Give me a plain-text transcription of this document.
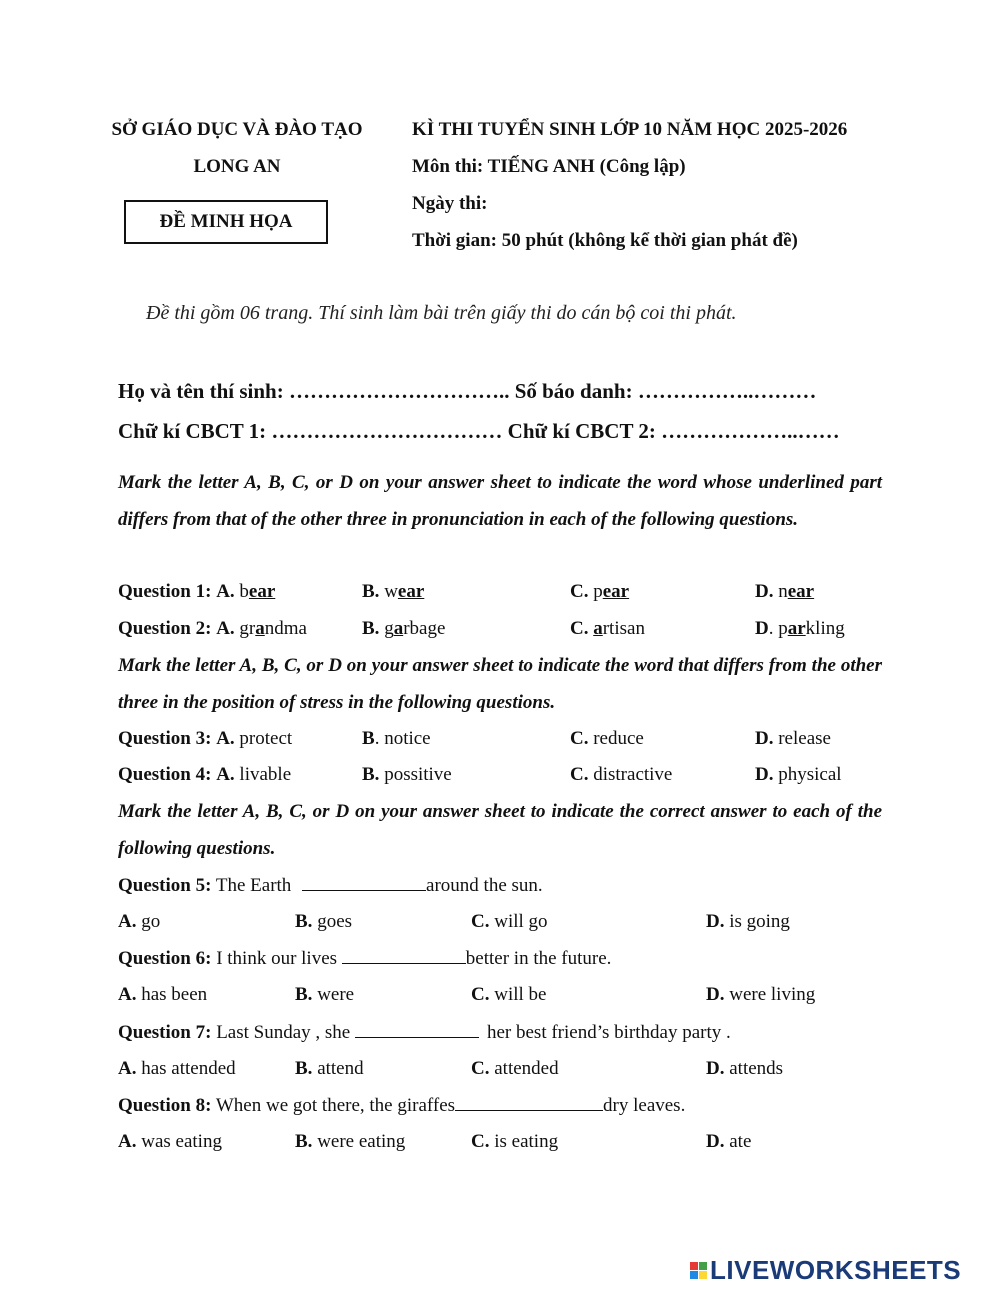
SỞ GIÁO DỤC VÀ ĐÀO TẠO
LONG AN
ĐỀ MINH HỌA
KÌ THI TUYỂN SINH LỚP 10 NĂM HỌC 2025-2026
Môn thi: TIẾNG ANH (Công lập)
Ngày thi:
Thời gian: 50 phút (không kể thời gian phát đề)
Đề thi gồm 06 trang. Thí sinh làm bài trên giấy thi do cán bộ coi thi phát.
Họ và tên thí sinh: ………………………….. Số báo danh: ……………..………
Chữ kí CBCT 1: …………………………… Chữ kí CBCT 2: ………………..……
Mark the letter A, B, C, or D on your answer sheet to indicate the word whose underlined part differs from that of the other three in pronunciation in each of the following questions.
Question 1: A. bear	B. wear	C. pear	D. near
Question 2: A. grandma	B. garbage	C. artisan	D. parkling
Mark the letter A, B, C, or D on your answer sheet to indicate the word that differs from the other three in the position of stress in the following questions.
Question 3: A. protect	B. notice	C. reduce	D. release
Question 4: A. livable	B. possitive	C. distractive	D. physical
Mark the letter A, B, C, or D on your answer sheet to indicate the correct answer to each of the following questions.
Question 5: The Earth	around the sun.
A. go	B. goes	C. will go	D. is going
Question 6: I think our lives	better in the future.
A. has been	B. were	C. will be	D. were living
Question 7: Last Sunday , she	her best friend’s birthday party .
A. has attended	B. attend	C. attended	D. attends
Question 8: When we got there, the giraffes	dry leaves.
A. was eating	B. were eating	C. is eating	D. ate
LIVEWORKSHEETS
